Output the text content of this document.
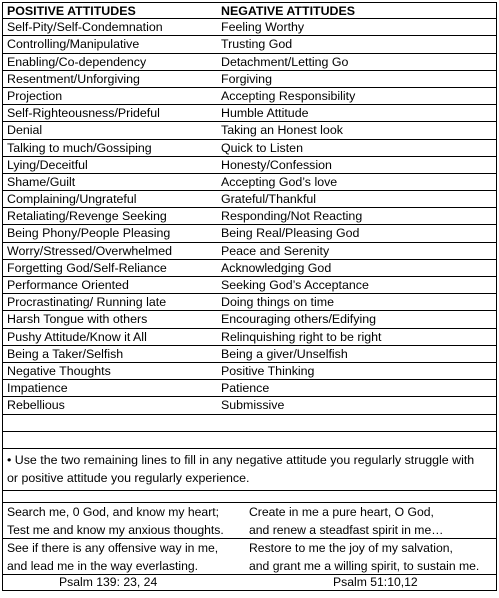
POSITIVE ATTITUDES	NEGATIVE ATTITUDES
Self-Pity/Self-Condemnation	Feeling Worthy
Controlling/Manipulative	Trusting God
Enabling/Co-dependency	Detachment/Letting Go
Resentment/Unforgiving	Forgiving
Projection	Accepting Responsibility
Self-Righteousness/Prideful	Humble Attitude
Denial	Taking an Honest look
Talking to much/Gossiping	Quick to Listen
Lying/Deceitful	Honesty/Confession
Shame/Guilt	Accepting God’s love
Complaining/Ungrateful	Grateful/Thankful
Retaliating/Revenge Seeking	Responding/Not Reacting
Being Phony/People Pleasing	Being Real/Pleasing God
Worry/Stressed/Overwhelmed	Peace and Serenity
Forgetting God/Self-Reliance	Acknowledging God
Performance Oriented	Seeking God’s Acceptance
Procrastinating/ Running late	Doing things on time
Harsh Tongue with others	Encouraging others/Edifying
Pushy Attitude/Know it All	Relinquishing right to be right
Being a Taker/Selfish	Being a giver/Unselfish
Negative Thoughts	Positive Thinking
Impatience	Patience
Rebellious	Submissive
• Use the two remaining lines to fill in any negative attitude you regularly struggle with
or positive attitude you regularly experience.
Search me, 0 God, and know my heart; Create in me a pure heart, O God,
Test me and know my anxious thoughts. and renew a steadfast spirit in me…
See if there is any offensive way in me,	Restore to me the joy of my salvation,
and lead me in the way everlasting.	and grant me a willing spirit, to sustain me.
Psalm 139: 23, 24	Psalm 51:10,12
